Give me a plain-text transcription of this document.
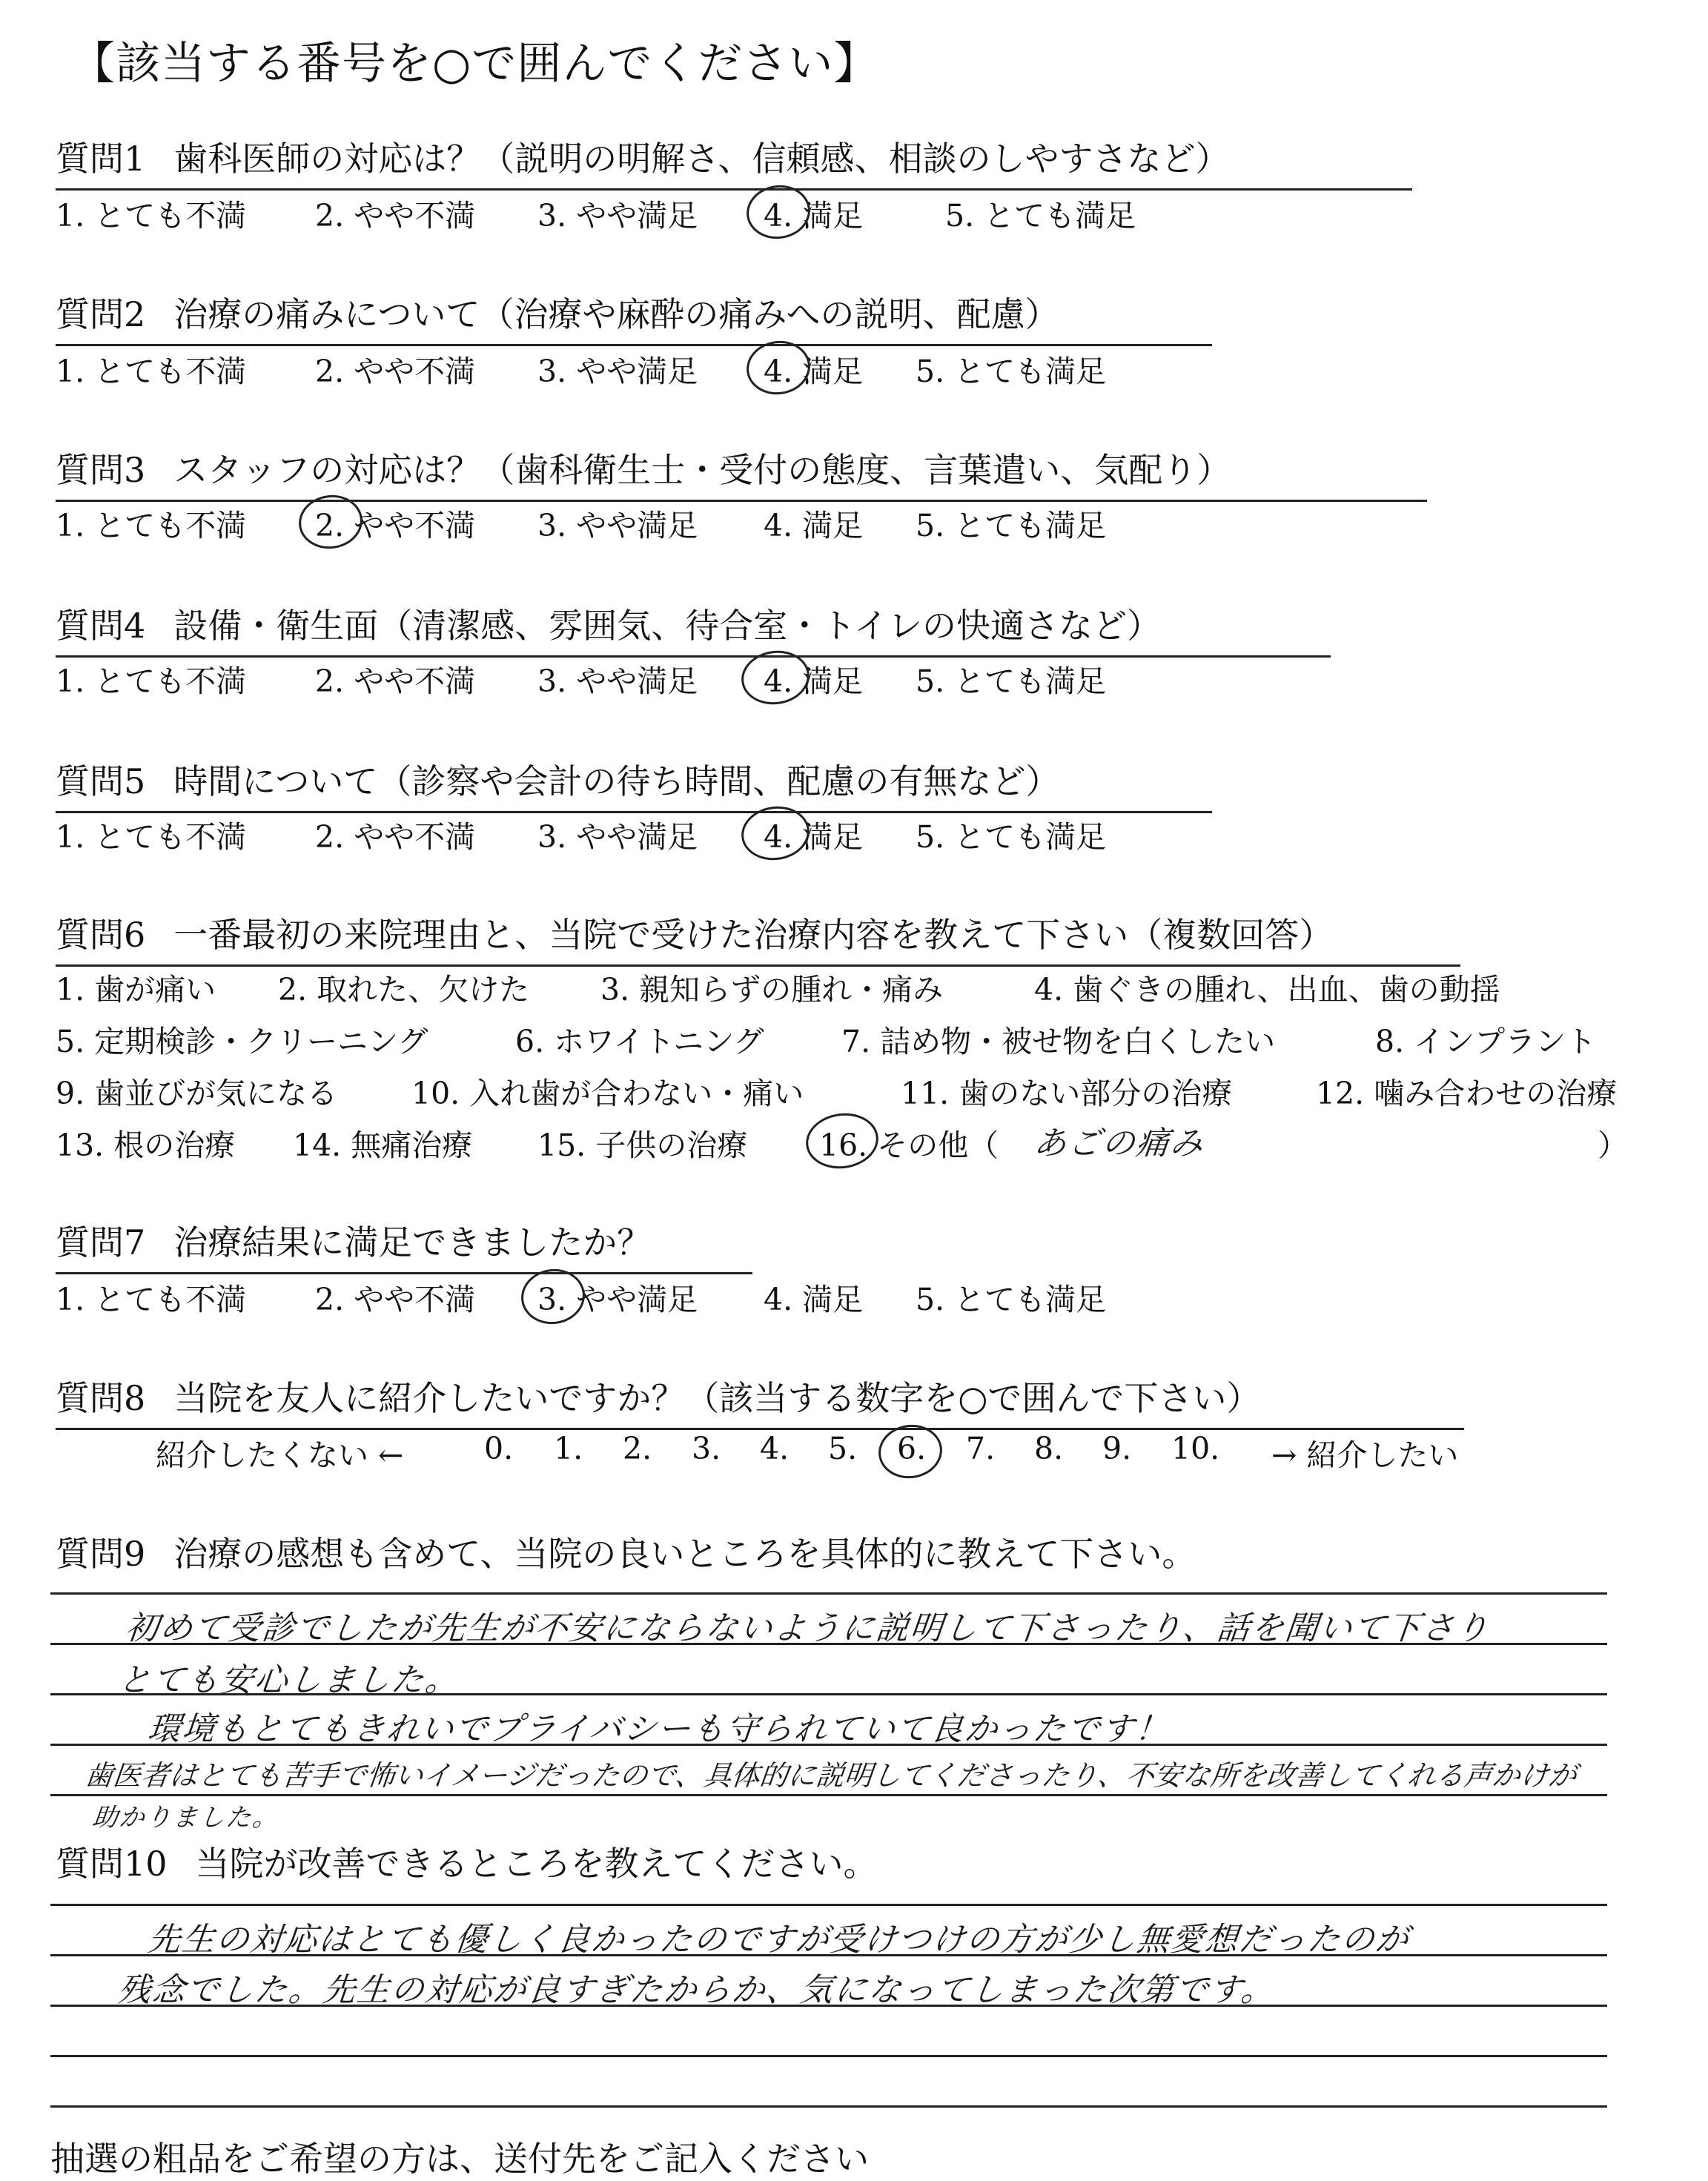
【該当する番号を○で囲んでください】
質問1 歯科医師の対応は？（説明の明解さ、信頼感、相談のしやすさなど）
1. とても不満 2. やや不満 3. やや満足 4. 満足	5. とても満足
質問2 治療の痛みについて（治療や麻酔の痛みへの説明、配慮）
1. とても不満 2. やや不満 3. やや満足 4. 満足 5. とても満足
質問3 スタッフの対応は？（歯科衛生士・受付の態度、言葉遣い、気配り）
1. とても不満 2. やや不満 3. やや満足 4. 満足 5. とても満足
質問4 設備・衛生面（清潔感、雰囲気、待合室・トイレの快適さなど）
1. とても不満 2. やや不満 3. やや満足 4. 満足 5. とても満足
質問5 時間について（診察や会計の待ち時間、配慮の有無など）
1. とても不満 2. やや不満 3. やや満足 4. 満足 5. とても満足
質問6 一番最初の来院理由と、当院で受けた治療内容を教えて下さい（複数回答）
1. 歯が痛い 2. 取れた、欠けた 3. 親知らずの腫れ・痛み	4. 歯ぐきの腫れ、出血、歯の動揺
5. 定期検診・クリーニング	6. ホワイトニング	7. 詰め物・被せ物を白くしたい	8. インプラント
9. 歯並びが気になる 10. 入れ歯が合わない・痛い	11. 歯のない部分の治療	12. 噛み合わせの治療
13. 根の治療 14. 無痛治療 15. 子供の治療 16. その他（	）
あごの痛み
質問7 治療結果に満足できましたか？
1. とても不満 2. やや不満 3. やや満足 4. 満足 5. とても満足
質問8 当院を友人に紹介したいですか？（該当する数字を○で囲んで下さい）
紹介したくない ←	0. 1. 2. 3. 4. 5. 6. 7. 8. 9. 10. → 紹介したい
質問9 治療の感想も含めて、当院の良いところを具体的に教えて下さい。
初めて受診でしたが先生が不安にならないように説明して下さったり、話を聞いて下さり
とても安心しました。
環境もとてもきれいでプライバシーも守られていて良かったです！
歯医者はとても苦手で怖いイメージだったので、具体的に説明してくださったり、不安な所を改善してくれる声かけが
助かりました。
質問10 当院が改善できるところを教えてください。
先生の対応はとても優しく良かったのですが受けつけの方が少し無愛想だったのが
残念でした。先生の対応が良すぎたからか、気になってしまった次第です。
抽選の粗品をご希望の方は、送付先をご記入ください
